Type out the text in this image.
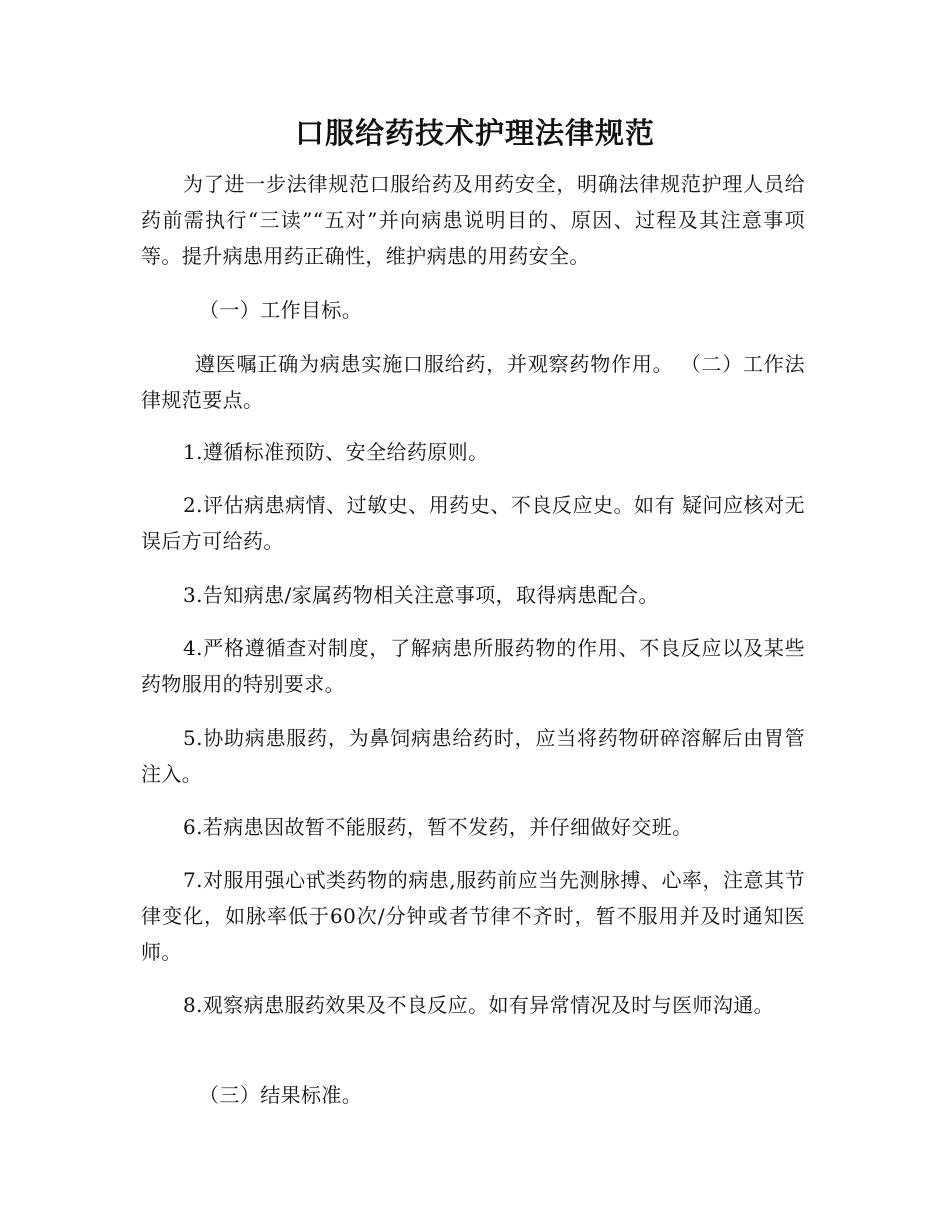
口服给药技术护理法律规范

为了进一步法律规范口服给药及用药安全，明确法律规范护理人员给药前需执行“三读”“五对”并向病患说明目的、原因、过程及其注意事项等。提升病患用药正确性，维护病患的用药安全。

（一）工作目标。

遵医嘱正确为病患实施口服给药，并观察药物作用。 （二）工作法律规范要点。

1.遵循标准预防、安全给药原则。

2.评估病患病情、过敏史、用药史、不良反应史。如有 疑问应核对无误后方可给药。

3.告知病患/家属药物相关注意事项，取得病患配合。

4.严格遵循查对制度，了解病患所服药物的作用、不良反应以及某些药物服用的特别要求。

5.协助病患服药，为鼻饲病患给药时，应当将药物研碎溶解后由胃管注入。

6.若病患因故暂不能服药，暂不发药，并仔细做好交班。

7.对服用强心甙类药物的病患,服药前应当先测脉搏、心率，注意其节律变化，如脉率低于60次/分钟或者节律不齐时，暂不服用并及时通知医师。

8.观察病患服药效果及不良反应。如有异常情况及时与医师沟通。

（三）结果标准。
